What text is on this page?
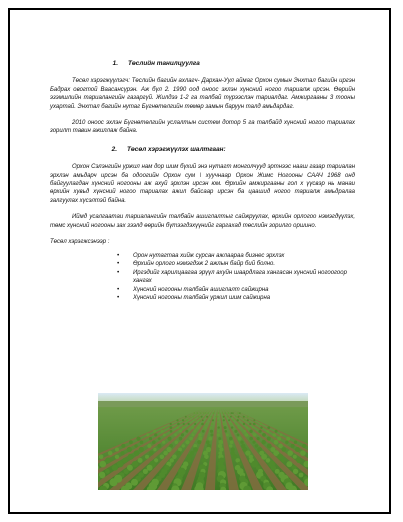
1. Төслийн танилцуулга

Төсөл хэрэгжүүлэгч: Төслийн багийн ахлагч- Дархан-Уул аймаг Орхон сумын Энхтал багийн иргэн Бадрах овогтой Ваасансүрэн. Аж бүл 2. 1990 оод оноос эхлэн хүнсний ногоо тариалж ирсэн. Өөрийн эзэмшлийн тариалангийн газаргүй. Жилдээ 1-2 га талбай түрээслэн тариалдаг. Амжиргааны 3 тооны ухартай. Энхтал багийн нутаг Бүгнөтөлгийн төмөр замын баруун талд амьдардаг.

2010 оноос эхлэн Бүгнөтөлгийн услалтын систем дотор 5 га талбайд хүнсний ногоо тариалах зорилт тавин ажиллаж байна.

2. Төсөл хэрэгжүүлэх шалтгаан:

Орхон Сэлэнгийн уржил нам дор шим бүхий энэ нутагт монголчууд эртнээс нааш газар тариалан эрхлэн амьдарч ирсэн ба одоогийн Орхон сум \ хуучнаар Орхон Жимс Ногооны СААЧ 1968 онд байгуулагдан хүнсний ногооны аж ахуй эрхлэн ирсэн юм. Өрхийн амжиргааны гол х үүсвэр нь манаи өрхийн хувьд хүнсний ногоо тариалах ажил байсаар ирсэн ба цаашид ногоо тариалж амьдралаа залгуулах хүсэлтэй байна.

Иймд усалгаатаи тариалангийн талбайн ашиглалтыг сайжруулах, өрхийн орлогоо нэмэгдүүлэх, төмс хүнсний ногооны зах зээлд өөрийн бүтээгдэхүүнийг гаргахад төслийн зорилго оршино.

Төсөл хэрэгжсэнээр :

• Орон нутагтаа хийж сурсан ажлаараа бизнес эрхлэх
• Өрхийн орлого нэмэгдэж 2 ажлын байр бий болно.
• Иргэдийг харилцаагаа эрүүл ахуйн шаардлага хангасан хүнсний ногоогоор хангах
• Хүнсний ногооны талбайн ашиглалт сайжирна
• Хүнсний ногооны талбайн уржил шим сайжирна
